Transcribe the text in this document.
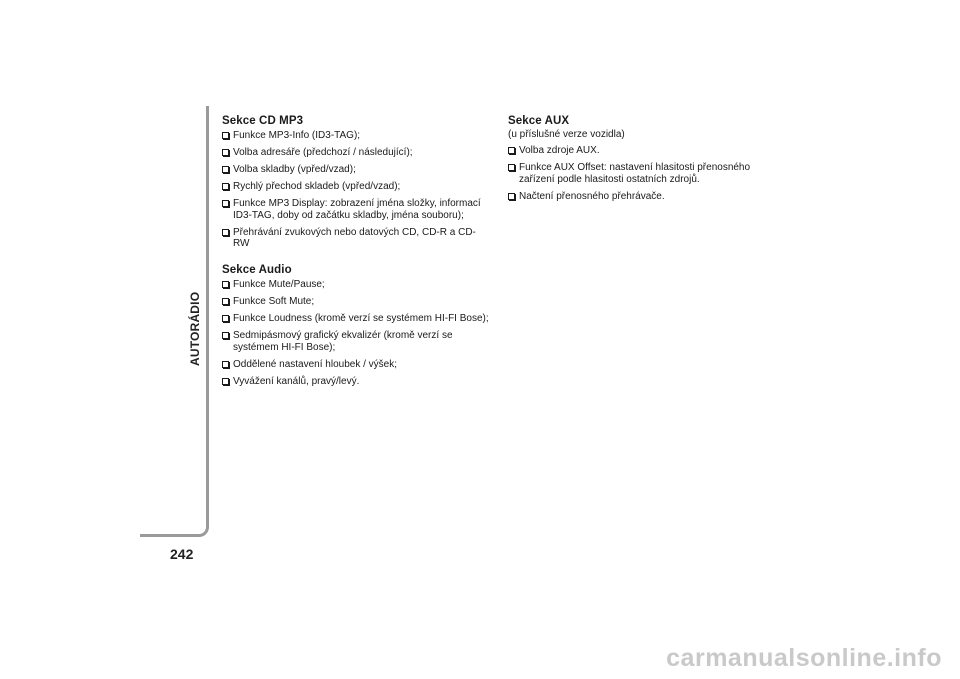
AUTORÁDIO
242

Sekce CD MP3

Funkce MP3-Info (ID3-TAG);
Volba adresáře (předchozí / následující);
Volba skladby (vpřed/vzad);
Rychlý přechod skladeb (vpřed/vzad);
Funkce MP3 Display: zobrazení jména složky, informací ID3-TAG, doby od začátku skladby, jména souboru);
Přehrávání zvukových nebo datových CD, CD-R a CD-RW

Sekce Audio

Funkce Mute/Pause;
Funkce Soft Mute;
Funkce Loudness (kromě verzí se systémem HI-FI Bose);
Sedmipásmový grafický ekvalizér (kromě verzí se systémem HI-FI Bose);
Oddělené nastavení hloubek / výšek;
Vyvážení kanálů, pravý/levý.

Sekce AUX

(u příslušné verze vozidla)

Volba zdroje AUX.
Funkce AUX Offset: nastavení hlasitosti přenosného zařízení podle hlasitosti ostatních zdrojů.
Načtení přenosného přehrávače.
carmanualsonline.info
